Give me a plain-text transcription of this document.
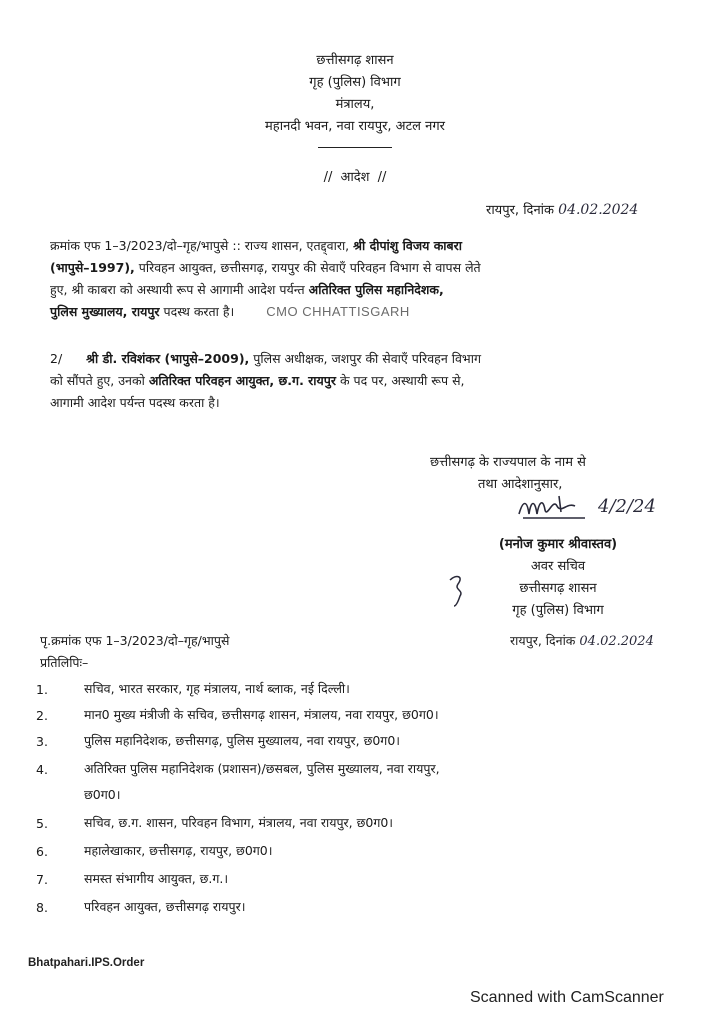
छत्तीसगढ़ शासन
गृह (पुलिस) विभाग
मंत्रालय,
महानदी भवन, नवा रायपुर, अटल नगर
// आदेश //
रायपुर, दिनांक 04.02.2024
क्रमांक एफ 1–3/2023/दो–गृह/भापुसे :: राज्य शासन, एतद्द्वारा, श्री दीपांशु विजय काबरा
(भापुसे–1997), परिवहन आयुक्त, छत्तीसगढ़, रायपुर की सेवाएँ परिवहन विभाग से वापस लेते
हुए, श्री काबरा को अस्थायी रूप से आगामी आदेश पर्यन्त अतिरिक्त पुलिस महानिदेशक,
पुलिस मुख्यालय, रायपुर पदस्थ करता है। CMO CHHATTISGARH
2/ श्री डी. रविशंकर (भापुसे–2009), पुलिस अधीक्षक, जशपुर की सेवाएँ परिवहन विभाग
को सौंपते हुए, उनको अतिरिक्त परिवहन आयुक्त, छ.ग. रायपुर के पद पर, अस्थायी रूप से,
आगामी आदेश पर्यन्त पदस्थ करता है।
छत्तीसगढ़ के राज्यपाल के नाम से
तथा आदेशानुसार,
4/2/24
(मनोज कुमार श्रीवास्तव)
अवर सचिव
छत्तीसगढ़ शासन
गृह (पुलिस) विभाग
पृ.क्रमांक एफ 1–3/2023/दो–गृह/भापुसे	रायपुर, दिनांक 04.02.2024
प्रतिलिपिः–
1.	सचिव, भारत सरकार, गृह मंत्रालय, नार्थ ब्लाक, नई दिल्ली।
2.	मान0 मुख्य मंत्रीजी के सचिव, छत्तीसगढ़ शासन, मंत्रालय, नवा रायपुर, छ0ग0।
3.	पुलिस महानिदेशक, छत्तीसगढ़, पुलिस मुख्यालय, नवा रायपुर, छ0ग0।
4.	अतिरिक्त पुलिस महानिदेशक (प्रशासन)/छसबल, पुलिस मुख्यालय, नवा रायपुर,
छ0ग0।
5.	सचिव, छ.ग. शासन, परिवहन विभाग, मंत्रालय, नवा रायपुर, छ0ग0।
6.	महालेखाकार, छत्तीसगढ़, रायपुर, छ0ग0।
7.	समस्त संभागीय आयुक्त, छ.ग.।
8.	परिवहन आयुक्त, छत्तीसगढ़ रायपुर।
Bhatpahari.IPS.Order
Scanned with CamScanner
